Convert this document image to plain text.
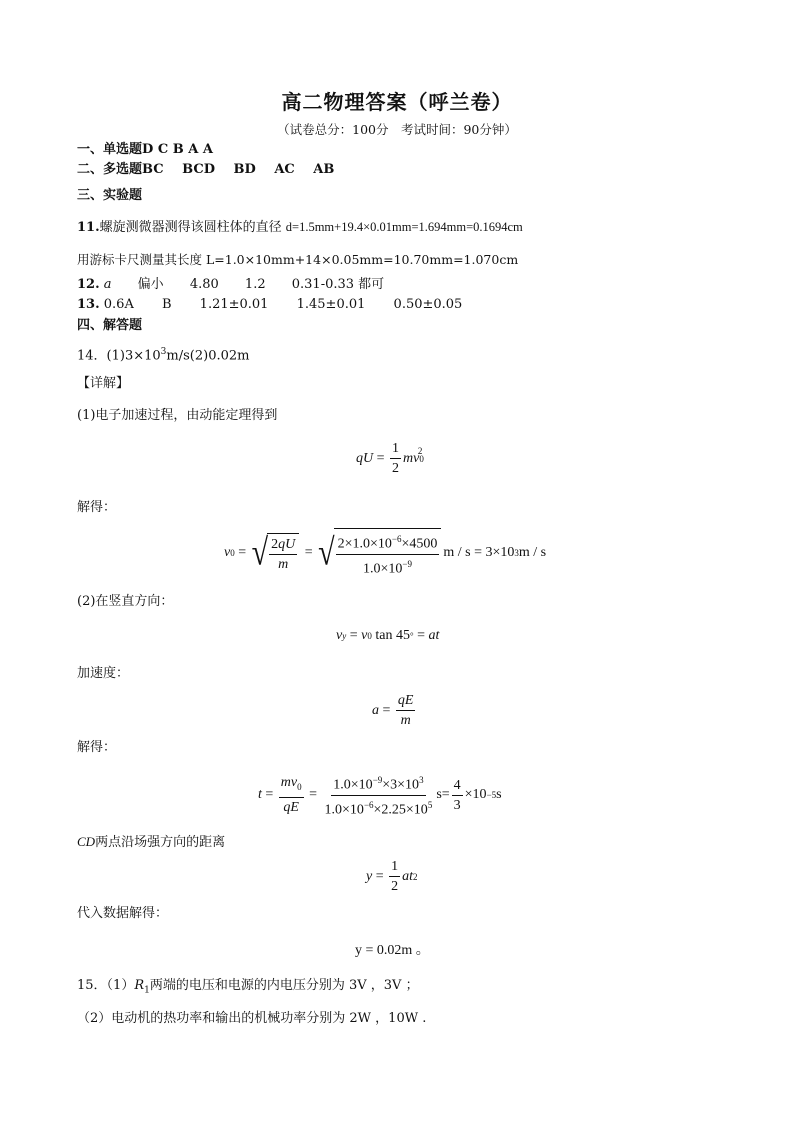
高二物理答案（呼兰卷）
（试卷总分：100分　考试时间：90分钟）
一、单选题D C B A A
二、多选题BC BCD BD AC AB
三、实验题
11.螺旋测微器测得该圆柱体的直径 d=1.5mm+19.4×0.01mm=1.694mm=0.1694cm
用游标卡尺测量其长度 L=1.0×10mm+14×0.05mm=10.70mm=1.070cm
12. a 偏小 4.80 1.2 0.31-0.33 都可
13. 0.6A B 1.21±0.01 1.45±0.01 0.50±0.05
四、解答题
14．$(1)3\times 10^3m/s(2)0.02m$
【详解】
(1)电子加速过程，由动能定理得到
qU = $\frac{1}{2}$ mv 0
$^2$
解得：
v 0 = √ $\frac{2qU}{m}$ = √ $\frac{2\times 1.0\times 10^{-6}\times 4500}{1.0\times 10^{-9}}$ m / s = 3×10 3 m / s
(2)在竖直方向：
v y = v 0 tan 45 ° = at
加速度：
$a = \frac{qE}{m}$
解得：
$t = \frac{mv_0}{qE} = \frac{1.0\times 10^{-9}\times 3\times 10^3}{1.0\times 10^{-6}\times 2.25\times 10^5} s= \frac{4}{3} \times 10 -5$ s
CD两点沿场强方向的距离
$y = \frac{1}{2}$ at 2
代入数据解得：
y = 0.02m 。
15．$(1)R_1$两端的电压和电源的内电压分别为 3V ，3V ；
（2）电动机的热功率和输出的机械功率分别为 2W ，10W .
